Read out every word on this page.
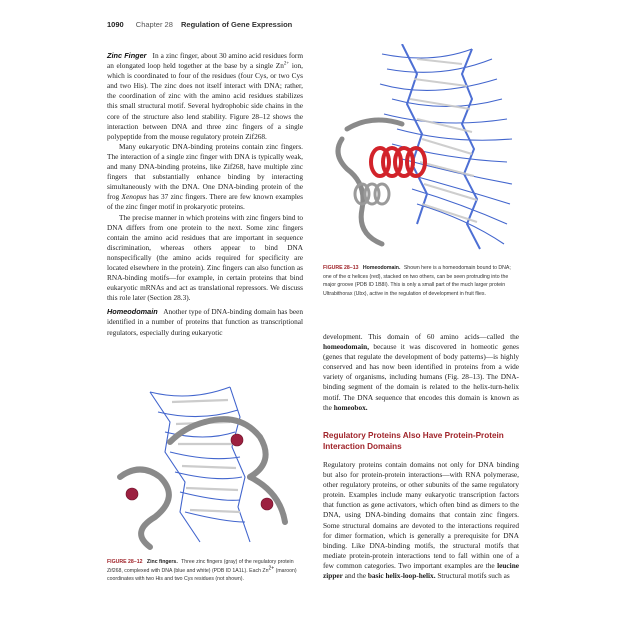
1090 Chapter 28 Regulation of Gene Expression

Zinc Finger In a zinc finger, about 30 amino acid residues form an elongated loop held together at the base by a single $Zn^{2+}$ ion, which is coordinated to four of the residues (four Cys, or two Cys and two His). The zinc does not itself interact with DNA; rather, the coordination of zinc with the amino acid residues stabilizes this small structural motif. Several hydrophobic side chains in the core of the structure also lend stability. Figure 28–12 shows the interaction between DNA and three zinc fingers of a single polypeptide from the mouse regulatory protein Zif268.

Many eukaryotic DNA-binding proteins contain zinc fingers. The interaction of a single zinc finger with DNA is typically weak, and many DNA-binding proteins, like Zif268, have multiple zinc fingers that substantially enhance binding by interacting simultaneously with the DNA. One DNA-binding protein of the frog Xenopus has 37 zinc fingers. There are few known examples of the zinc finger motif in prokaryotic proteins.

The precise manner in which proteins with zinc fingers bind to DNA differs from one protein to the next. Some zinc fingers contain the amino acid residues that are important in sequence discrimination, whereas others appear to bind DNA nonspecifically (the amino acids required for specificity are located elsewhere in the protein). Zinc fingers can also function as RNA-binding motifs—for example, in certain proteins that bind eukaryotic mRNAs and act as translational repressors. We discuss this role later (Section 28.3).

Homeodomain Another type of DNA-binding domain has been identified in a number of proteins that function as transcriptional regulators, especially during eukaryotic

FIGURE 28–13 Homeodomain. Shown here is a homeodomain bound to DNA; one of the α helices (red), stacked on two others, can be seen protruding into the major groove (PDB ID 1B8I). This is only a small part of the much larger protein Ultrabithorax (Ubx), active in the regulation of development in fruit flies.

development. This domain of 60 amino acids—called the homeodomain, because it was discovered in homeotic genes (genes that regulate the development of body patterns)—is highly conserved and has now been identified in proteins from a wide variety of organisms, including humans (Fig. 28–13). The DNA-binding segment of the domain is related to the helix-turn-helix motif. The DNA sequence that encodes this domain is known as the homeobox.

Regulatory Proteins Also Have Protein-Protein Interaction Domains

Regulatory proteins contain domains not only for DNA binding but also for protein-protein interactions—with RNA polymerase, other regulatory proteins, or other subunits of the same regulatory protein. Examples include many eukaryotic transcription factors that function as gene activators, which often bind as dimers to the DNA, using DNA-binding domains that contain zinc fingers. Some structural domains are devoted to the interactions required for dimer formation, which is generally a prerequisite for DNA binding. Like DNA-binding motifs, the structural motifs that mediate protein-protein interactions tend to fall within one of a few common categories. Two important examples are the leucine zipper and the basic helix-loop-helix. Structural motifs such as

FIGURE 28–12 Zinc fingers. Three zinc fingers (gray) of the regulatory protein Zif268, complexed with DNA (blue and white) (PDB ID 1A1L). Each $Zn^{2+}$ (maroon) coordinates with two His and two Cys residues (not shown).
